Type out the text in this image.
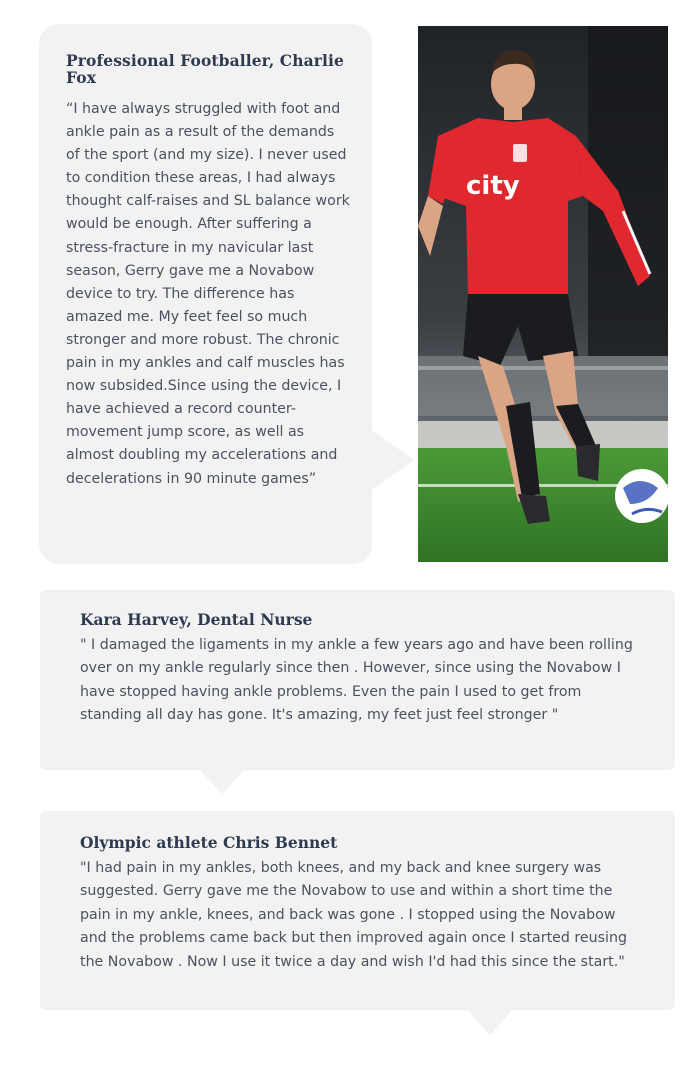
Professional Footballer, Charlie Fox

“I have always struggled with foot and ankle pain as a result of the demands of the sport (and my size). I never used to condition these areas, I had always thought calf-raises and SL balance work would be enough. After suffering a stress-fracture in my navicular last season, Gerry gave me a Novabow device to try. The difference has amazed me. My feet feel so much stronger and more robust. The chronic pain in my ankles and calf muscles has now subsided.Since using the device, I have achieved a record counter-movement jump score, as well as almost doubling my accelerations and decelerations in 90 minute games”

city
Kara Harvey, Dental Nurse

" I damaged the ligaments in my ankle a few years ago and have been rolling over on my ankle regularly since then . However, since using the Novabow I have stopped having ankle problems. Even the pain I used to get from standing all day has gone. It's amazing, my feet just feel stronger "

Olympic athlete Chris Bennet

"I had pain in my ankles, both knees, and my back and knee surgery was suggested. Gerry gave me the Novabow to use and within a short time the pain in my ankle, knees, and back was gone . I stopped using the Novabow and the problems came back but then improved again once I started reusing the Novabow . Now I use it twice a day and wish I'd had this since the start."
